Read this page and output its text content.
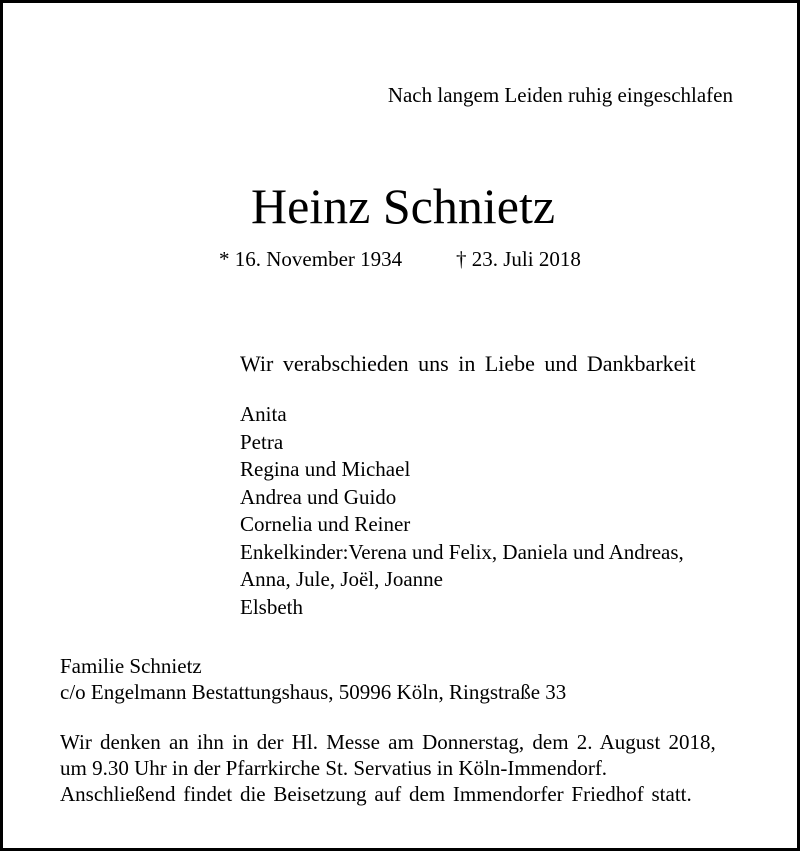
Nach langem Leiden ruhig eingeschlafen
Heinz Schnietz
* 16. November 1934	† 23. Juli 2018
Wir verabschieden uns in Liebe und Dankbarkeit
Anita
Petra
Regina und Michael
Andrea und Guido
Cornelia und Reiner
Enkelkinder:Verena und Felix, Daniela und Andreas,
Anna, Jule, Joël, Joanne
Elsbeth
Familie Schnietz
c/o Engelmann Bestattungshaus, 50996 Köln, Ringstraße 33
Wir denken an ihn in der Hl. Messe am Donnerstag, dem 2. August 2018,
um 9.30 Uhr in der Pfarrkirche St. Servatius in Köln-Immendorf.
Anschließend findet die Beisetzung auf dem Immendorfer Friedhof statt.
